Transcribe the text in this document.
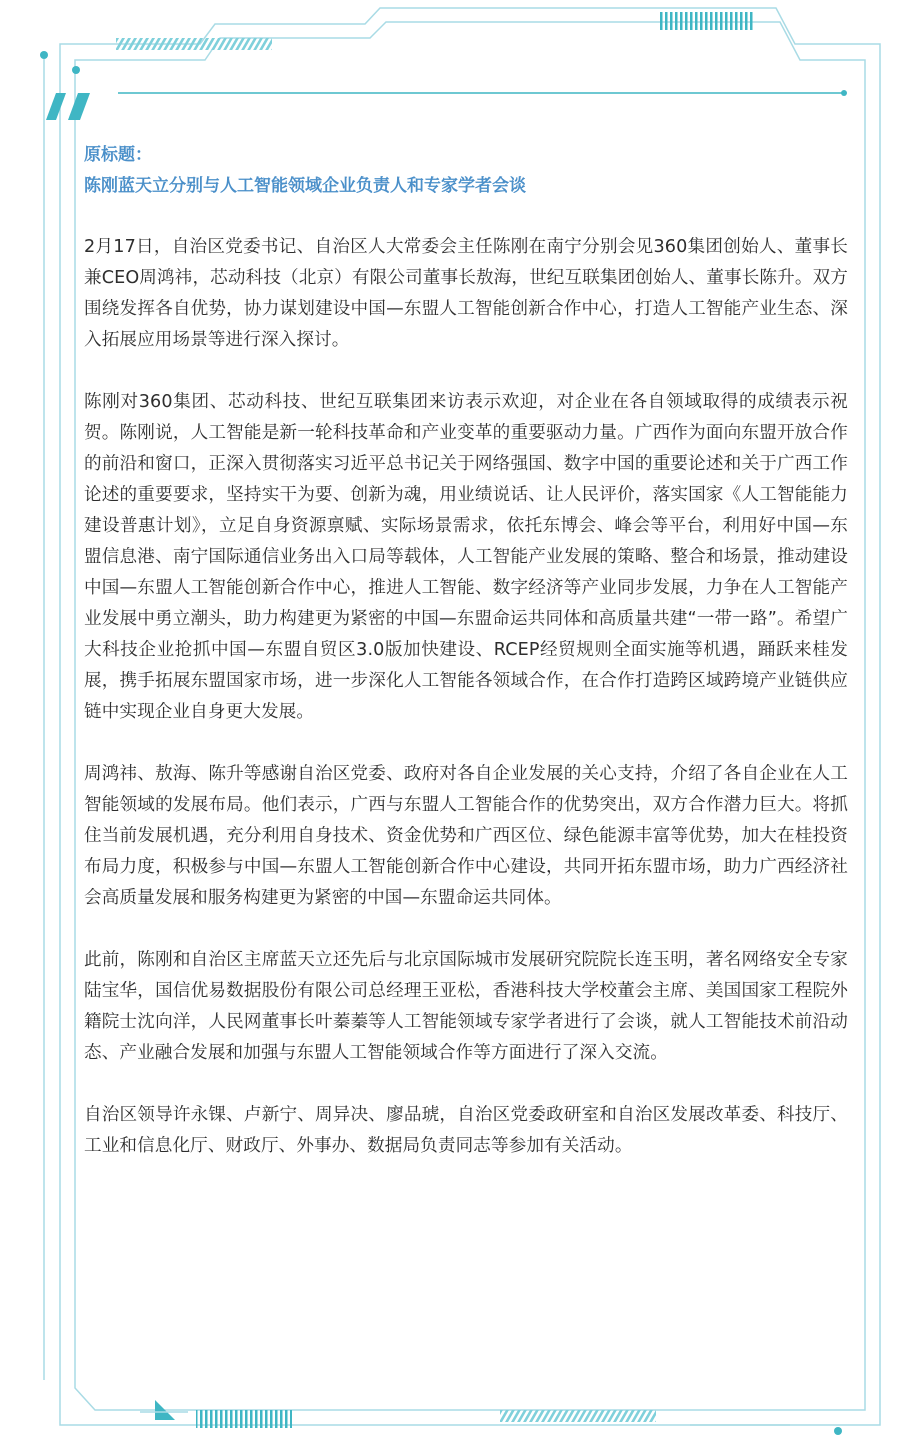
原标题：

陈刚蓝天立分别与人工智能领域企业负责人和专家学者会谈

2月17日，自治区党委书记、自治区人大常委会主任陈刚在南宁分别会见360集团创始人、董事长兼CEO周鸿祎，芯动科技（北京）有限公司董事长敖海，世纪互联集团创始人、董事长陈升。双方围绕发挥各自优势，协力谋划建设中国—东盟人工智能创新合作中心，打造人工智能产业生态、深入拓展应用场景等进行深入探讨。

陈刚对360集团、芯动科技、世纪互联集团来访表示欢迎，对企业在各自领域取得的成绩表示祝贺。陈刚说，人工智能是新一轮科技革命和产业变革的重要驱动力量。广西作为面向东盟开放合作的前沿和窗口，正深入贯彻落实习近平总书记关于网络强国、数字中国的重要论述和关于广西工作论述的重要要求，坚持实干为要、创新为魂，用业绩说话、让人民评价，落实国家《人工智能能力建设普惠计划》，立足自身资源禀赋、实际场景需求，依托东博会、峰会等平台，利用好中国—东盟信息港、南宁国际通信业务出入口局等载体，人工智能产业发展的策略、整合和场景，推动建设中国—东盟人工智能创新合作中心，推进人工智能、数字经济等产业同步发展，力争在人工智能产业发展中勇立潮头，助力构建更为紧密的中国—东盟命运共同体和高质量共建“一带一路”。希望广大科技企业抢抓中国—东盟自贸区3.0版加快建设、RCEP经贸规则全面实施等机遇，踊跃来桂发展，携手拓展东盟国家市场，进一步深化人工智能各领域合作，在合作打造跨区域跨境产业链供应链中实现企业自身更大发展。

周鸿祎、敖海、陈升等感谢自治区党委、政府对各自企业发展的关心支持，介绍了各自企业在人工智能领域的发展布局。他们表示，广西与东盟人工智能合作的优势突出，双方合作潜力巨大。将抓住当前发展机遇，充分利用自身技术、资金优势和广西区位、绿色能源丰富等优势，加大在桂投资布局力度，积极参与中国—东盟人工智能创新合作中心建设，共同开拓东盟市场，助力广西经济社会高质量发展和服务构建更为紧密的中国—东盟命运共同体。

此前，陈刚和自治区主席蓝天立还先后与北京国际城市发展研究院院长连玉明，著名网络安全专家陆宝华，国信优易数据股份有限公司总经理王亚松，香港科技大学校董会主席、美国国家工程院外籍院士沈向洋，人民网董事长叶蓁蓁等人工智能领域专家学者进行了会谈，就人工智能技术前沿动态、产业融合发展和加强与东盟人工智能领域合作等方面进行了深入交流。

自治区领导许永锞、卢新宁、周异决、廖品琥，自治区党委政研室和自治区发展改革委、科技厅、工业和信息化厅、财政厅、外事办、数据局负责同志等参加有关活动。
